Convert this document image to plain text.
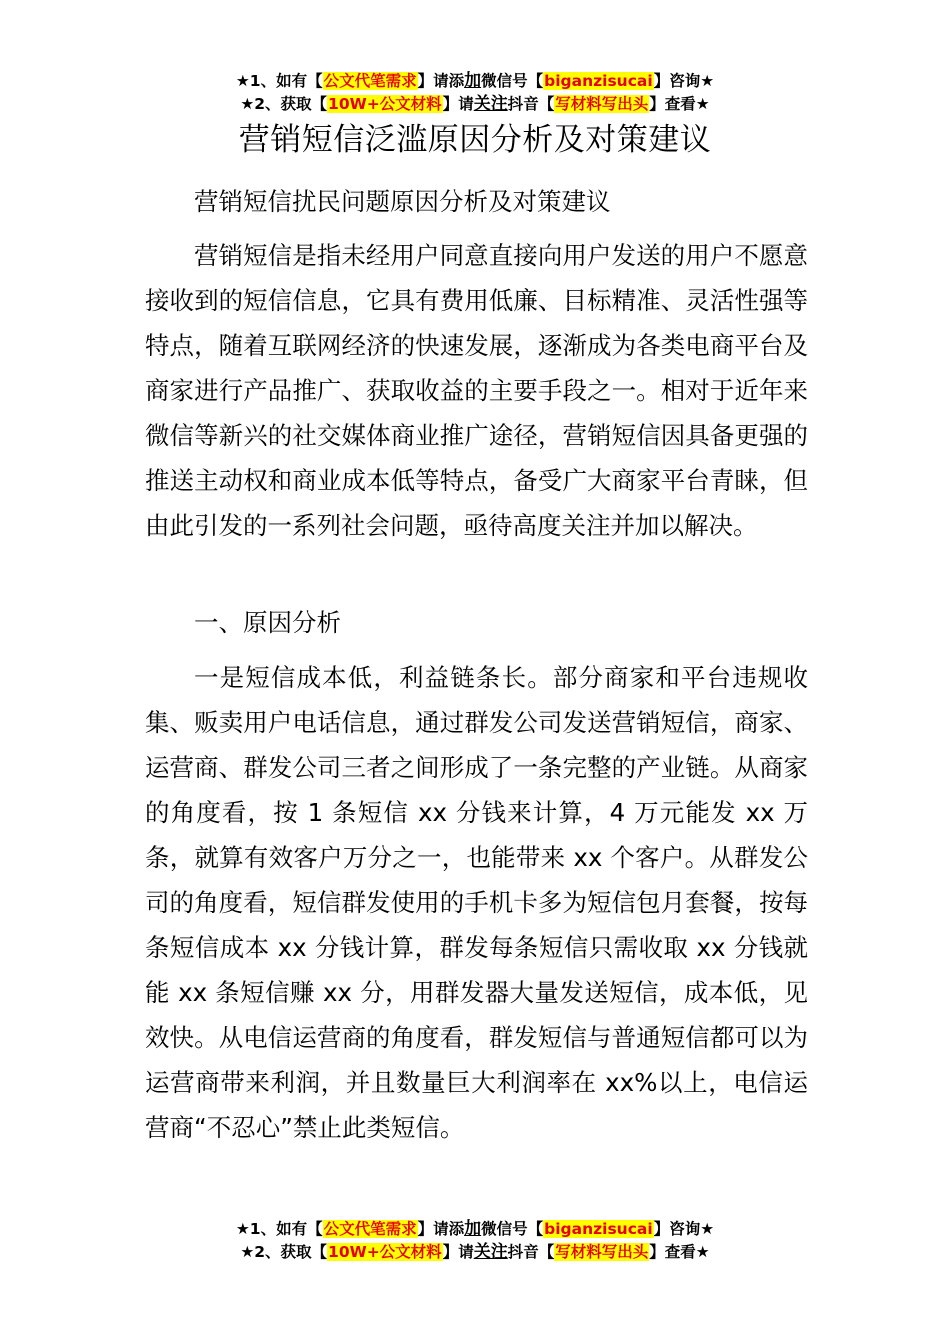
★1、如有【公文代笔需求】请添加微信号【biganzisucai】咨询★
★2、获取【10W+公文材料】请关注抖音【写材料写出头】查看★
营销短信泛滥原因分析及对策建议
营销短信扰民问题原因分析及对策建议
营销短信是指未经用户同意直接向用户发送的用户不愿意接收到的短信信息，它具有费用低廉、目标精准、灵活性强等特点，随着互联网经济的快速发展，逐渐成为各类电商平台及商家进行产品推广、获取收益的主要手段之一。相对于近年来微信等新兴的社交媒体商业推广途径，营销短信因具备更强的推送主动权和商业成本低等特点，备受广大商家平台青睐，但由此引发的一系列社会问题，亟待高度关注并加以解决。
一、原因分析
一是短信成本低，利益链条长。部分商家和平台违规收集、贩卖用户电话信息，通过群发公司发送营销短信，商家、运营商、群发公司三者之间形成了一条完整的产业链。从商家的角度看，按 1 条短信 xx 分钱来计算，4 万元能发 xx 万条，就算有效客户万分之一，也能带来 xx 个客户。从群发公司的角度看，短信群发使用的手机卡多为短信包月套餐，按每条短信成本 xx 分钱计算，群发每条短信只需收取 xx 分钱就能 xx 条短信赚 xx 分，用群发器大量发送短信，成本低，见效快。从电信运营商的角度看，群发短信与普通短信都可以为运营商带来利润，并且数量巨大利润率在 xx%以上，电信运营商“不忍心”禁止此类短信。
★1、如有【公文代笔需求】请添加微信号【biganzisucai】咨询★
★2、获取【10W+公文材料】请关注抖音【写材料写出头】查看★
